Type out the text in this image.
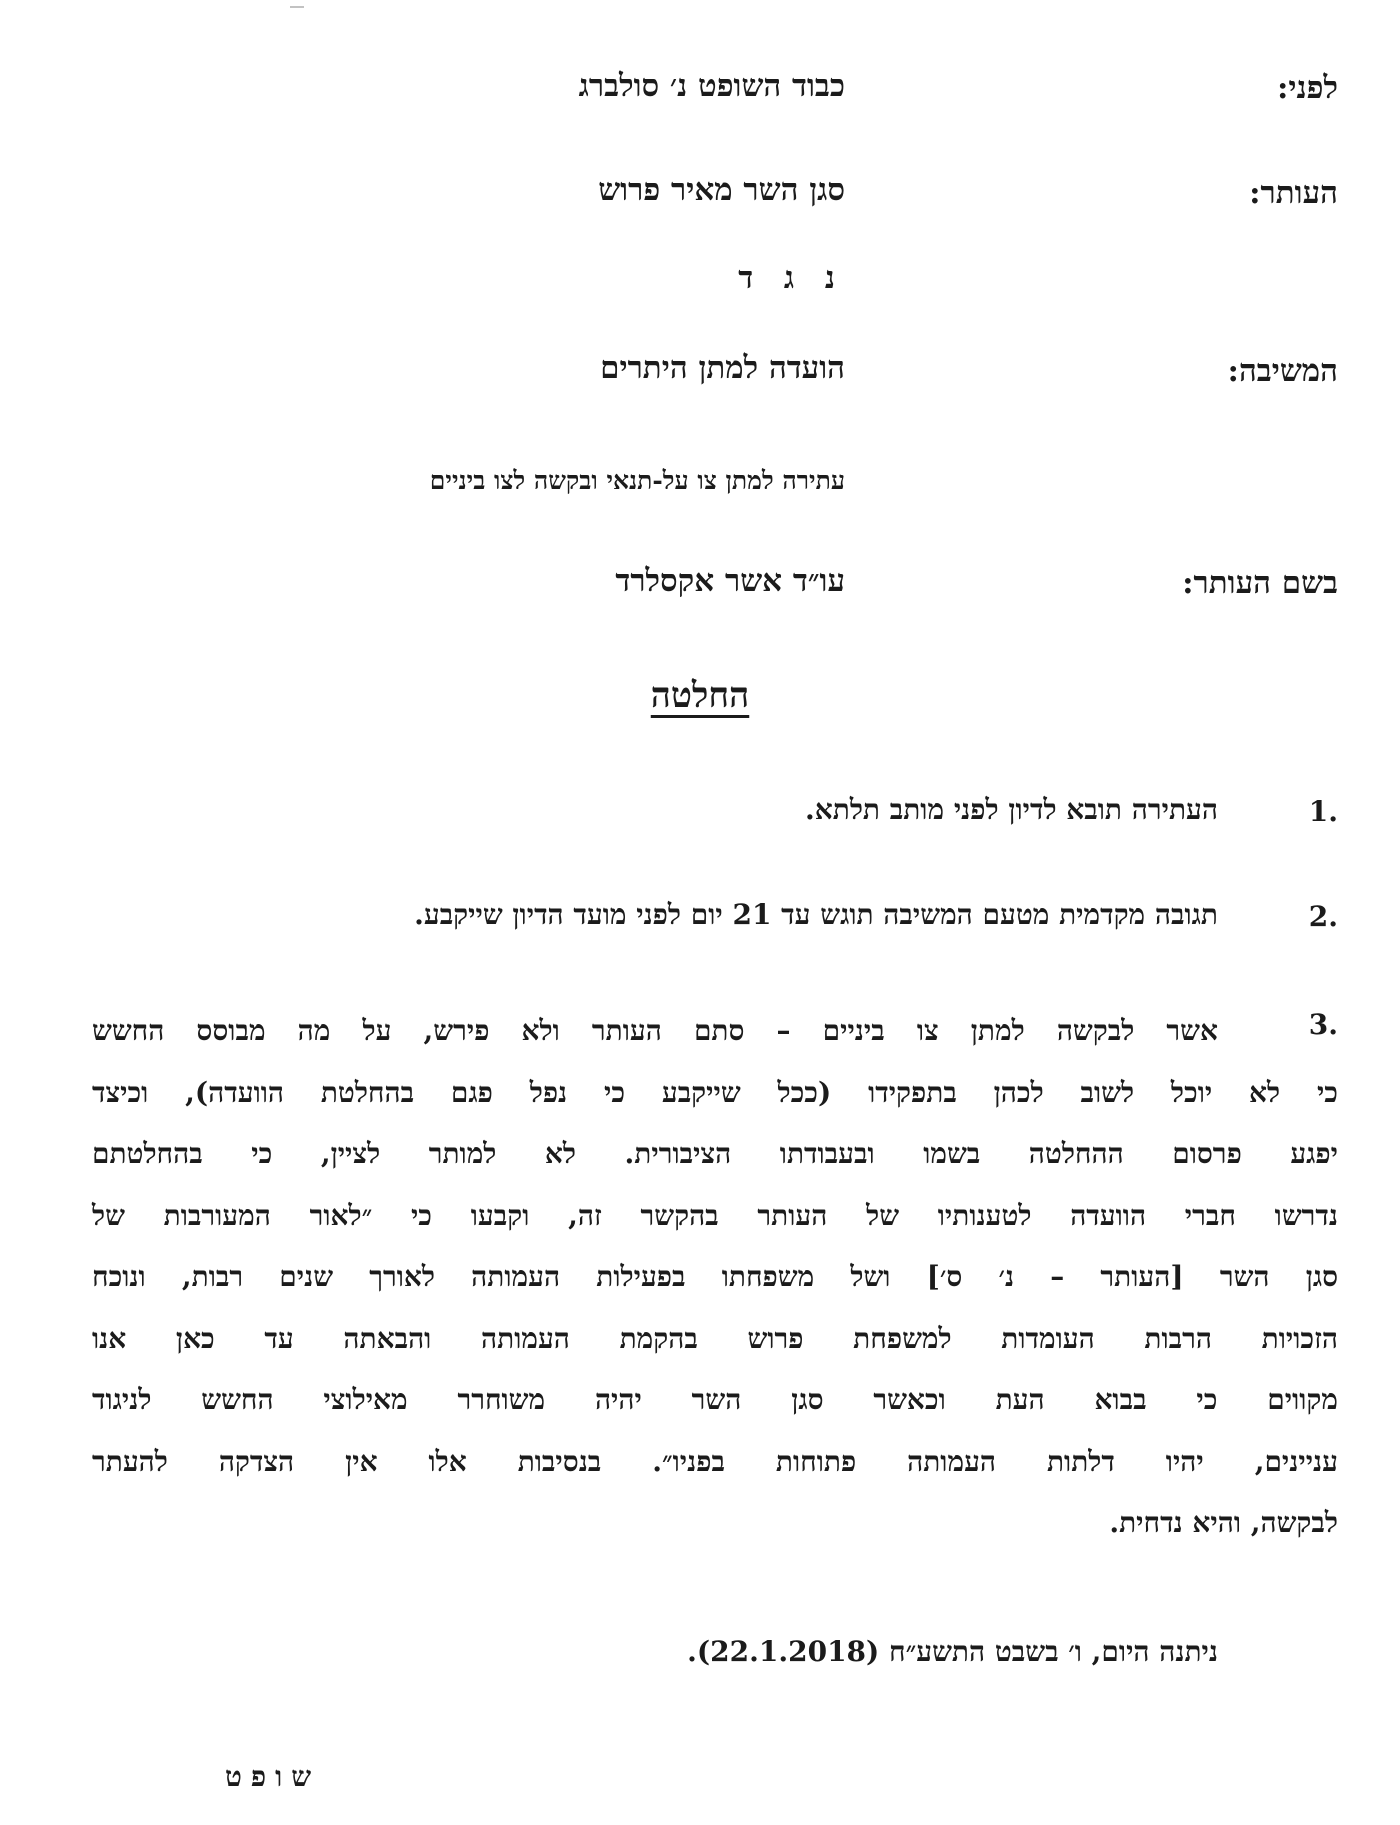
לפני:
כבוד השופט נ׳ סולברג
העותר:
סגן השר מאיר פרוש
נ ג ד
המשיבה:
הועדה למתן היתרים
עתירה למתן צו על-תנאי ובקשה לצו ביניים
בשם העותר:
עו״ד אשר אקסלרד
החלטה
.1
העתירה תובא לדיון לפני מותב תלתא.
.2
תגובה מקדמית מטעם המשיבה תוגש עד 21 יום לפני מועד הדיון שייקבע.
.3
אשר לבקשה למתן צו ביניים – סתם העותר ולא פירש, על מה מבוסס החשש
כי לא יוכל לשוב לכהן בתפקידו (ככל שייקבע כי נפל פגם בהחלטת הוועדה), וכיצד
יפגע פרסום ההחלטה בשמו ובעבודתו הציבורית. לא למותר לציין, כי בהחלטתם
נדרשו חברי הוועדה לטענותיו של העותר בהקשר זה, וקבעו כי ״לאור המעורבות של
סגן השר [העותר – נ׳ ס׳] ושל משפחתו בפעילות העמותה לאורך שנים רבות, ונוכח
הזכויות הרבות העומדות למשפחת פרוש בהקמת העמותה והבאתה עד כאן אנו
מקווים כי בבוא העת וכאשר סגן השר יהיה משוחרר מאילוצי החשש לניגוד
עניינים, יהיו דלתות העמותה פתוחות בפניו״. בנסיבות אלו אין הצדקה להעתר
לבקשה, והיא נדחית.
ניתנה היום, ו׳ בשבט התשע״ח (22.1.2018).
שופט
